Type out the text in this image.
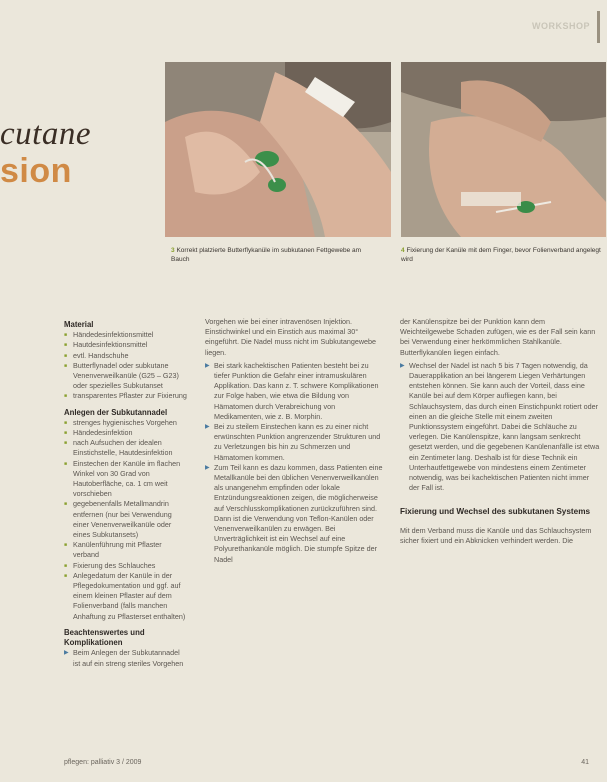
WORKSHOP
cutane
sion
3 Korrekt platzierte Butterflykanüle im subkutanen Fettgewebe am Bauch
4 Fixierung der Kanüle mit dem Finger, bevor Folienverband angelegt wird
Material
■ Händedesinfektionsmittel
■ Hautdesinfektionsmittel
■ evtl. Handschuhe
■ Butterflynadel oder subkutane Venenverweilkanüle (G25 – G23) oder spezielles Subkutanset
■ transparentes Pflaster zur Fixierung
Anlegen der Subkutannadel
■ strenges hygienisches Vorgehen
■ Händedesinfektion
■ nach Aufsuchen der idealen Einstichstelle, Hautdesinfektion
■ Einstechen der Kanüle im flachen Winkel von 30 Grad von Hautoberfläche, ca. 1 cm weit vorschieben
■ gegebenenfalls Metallmandrin entfernen (nur bei Verwendung einer Venenverweilkanüle oder eines Subkutansets)
■ Kanülenführung mit Pflaster verband
■ Fixierung des Schlauches
■ Anlegedatum der Kanüle in der Pflegedokumentation und ggf. auf einem kleinen Pflaster auf dem Folienverband (falls manchen Anhaftung zu Pflasterset enthalten)
Beachtenswertes und Komplikationen
▶ Beim Anlegen der Subkutannadel ist auf ein streng steriles Vorgehen

Vorgehen wie bei einer intravenösen Injektion. Einstichwinkel und ein Einstich aus maximal 30° eingeführt. Die Nadel muss nicht im Subkutangewebe liegen.

▶ Bei stark kachektischen Patienten besteht bei zu tiefer Punktion die Gefahr einer intramuskulären Applikation. Das kann z. T. schwere Komplikationen zur Folge haben, wie etwa die Bildung von Hämatomen durch Verabreichung von Medikamenten, wie z. B. Morphin.
▶ Bei zu steilem Einstechen kann es zu einer nicht erwünschten Punktion angrenzender Strukturen und zu Verletzungen bis hin zu Schmerzen und Hämatomen kommen.
▶ Zum Teil kann es dazu kommen, dass Patienten eine Metallkanüle bei den üblichen Venenverweilkanülen als unangenehm empfinden oder lokale Entzündungsreaktionen zeigen, die möglicherweise auf Verschlusskomplikationen zurückzuführen sind. Dann ist die Verwendung von Teflon-Kanülen oder Venenverweilkanülen zu erwägen. Bei Unverträglichkeit ist ein Wechsel auf eine Polyurethankanüle möglich. Die stumpfe Spitze der Nadel

der Kanülenspitze bei der Punktion kann dem Weichteilgewebe Schaden zufügen, wie es der Fall sein kann bei Verwendung einer herkömmlichen Stahlkanüle. Butterflykanülen liegen einfach.

▶ Wechsel der Nadel ist nach 5 bis 7 Tagen notwendig, da Dauerapplikation an bei längerem Liegen Verhärtungen entstehen können. Sie kann auch der Vorteil, dass eine Kanüle bei auf dem Körper aufliegen kann, bei Schlauchsystem, das durch einen Einstichpunkt rotiert oder einen an die gleiche Stelle mit einem zweiten Punktionssystem eingeführt. Dabei die Schläuche zu verlegen. Die Kanülenspitze, kann langsam senkrecht gesetzt werden, und die gegebenen Kanülenanfälle ist etwa ein Zentimeter lang. Deshalb ist für diese Technik ein Unterhautfettgewebe von mindestens einem Zentimeter notwendig, was bei kachektischen Patienten nicht immer der Fall ist.
Fixierung und Wechsel des subkutanen Systems

Mit dem Verband muss die Kanüle und das Schlauchsystem sicher fixiert und ein Abknicken verhindert werden. Die

pflegen: palliativ 3 / 2009	41
